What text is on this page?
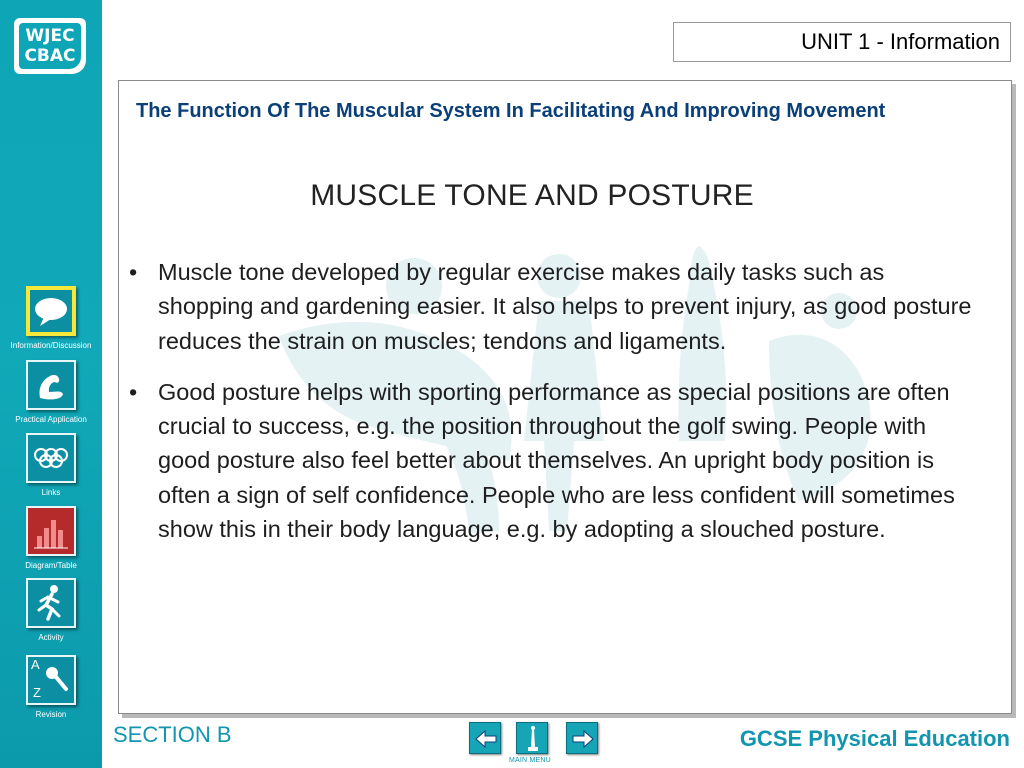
WJEC
CBAC
Information/Discussion
Practical Application
Links
Diagram/Table
Activity
A
Z
Revision
UNIT 1 - Information
The Function Of The Muscular System In Facilitating And Improving Movement
MUSCLE TONE AND POSTURE
• Muscle tone developed by regular exercise makes daily tasks such as shopping and gardening easier. It also helps to prevent injury, as good posture reduces the strain on muscles; tendons and ligaments.
• Good posture helps with sporting performance as special positions are often crucial to success, e.g. the position throughout the golf swing. People with good posture also feel better about themselves. An upright body position is often a sign of self confidence. People who are less confident will sometimes show this in their body language, e.g. by adopting a slouched posture.
SECTION B
MAIN MENU
GCSE Physical Education
